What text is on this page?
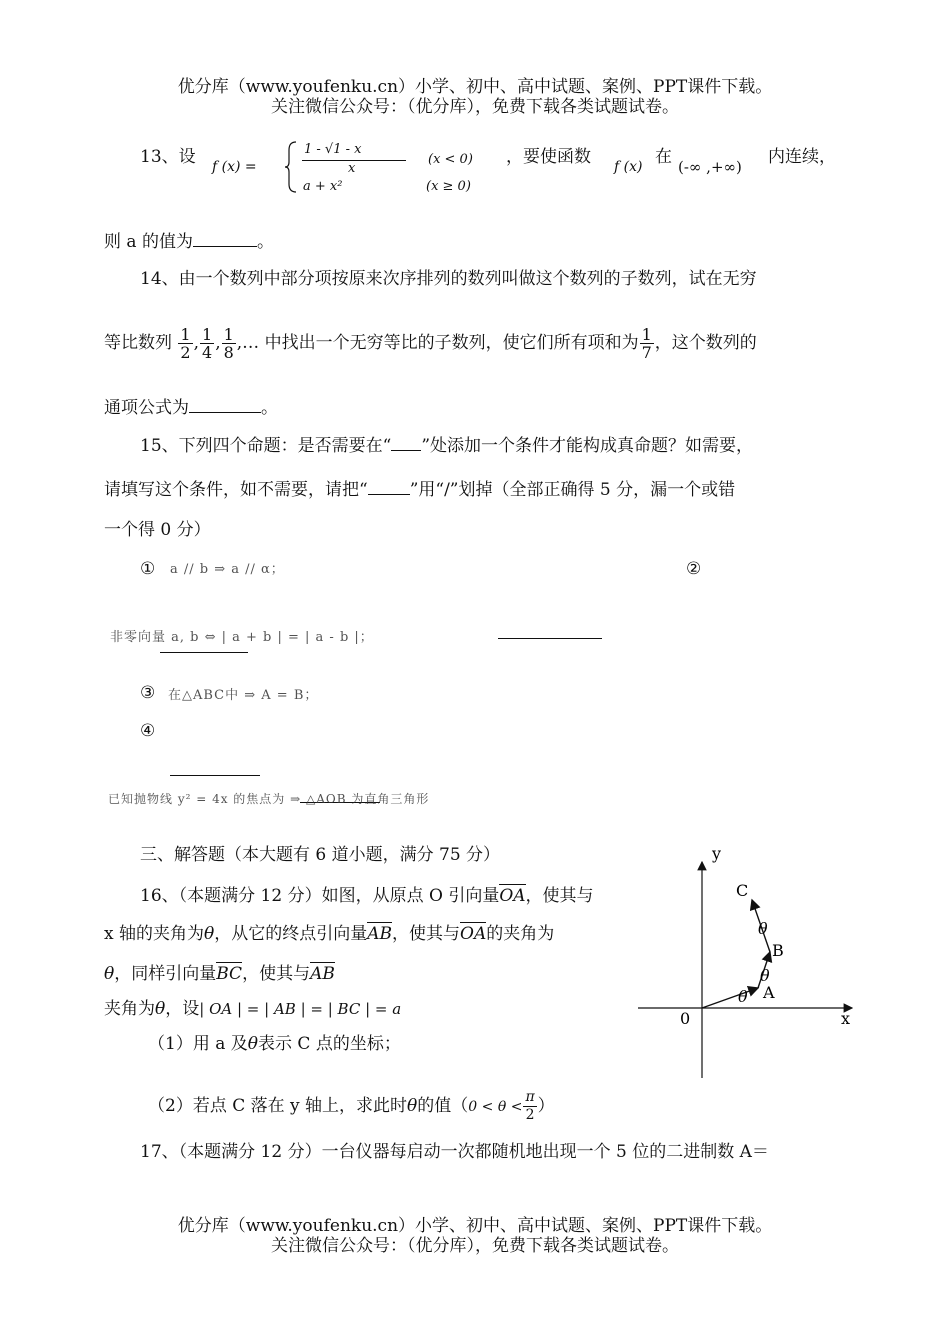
优分库（www.youfenku.cn）小学、初中、高中试题、案例、PPT课件下载。
关注微信公众号：（优分库），免费下载各类试题试卷。
13、设 f (x) =
1 - √1 - x
x
(x < 0)
a + x²	(x ≥ 0)
，要使函数 f (x) 在 (-∞ ,+∞) 内连续，
则 a 的值为	。
14、由一个数列中部分项按原来次序排列的数列叫做这个数列的子数列，试在无穷
等比数列 $\frac{1}{2}$ , $\frac{1}{4}$ , $\frac{1}{8}$ ,… 中找出一个无穷等比的子数列，使它们所有项和为 $\frac{1}{7}$ ，这个数列的
通项公式为	。
15、下列四个命题：是否需要在“ ”处添加一个条件才能构成真命题？如需要，
请填写这个条件，如不需要，请把“ ”用“/”划掉（全部正确得 5 分，漏一个或错
一个得 0 分）
① a // b ⇒ a // α；	②
非零向量 a, b ⇔ | a + b | = | a - b |；
③ 在△ABC中 ⇒ A = B；
④
已知抛物线 y² = 4x 的焦点为 ⇒ △AOB 为直角三角形
三、解答题（本大题有 6 道小题，满分 75 分）
16、（本题满分 12 分）如图，从原点 O 引向量OA，使其与
x 轴的夹角为θ，从它的终点引向量AB，使其与OA的夹角为
θ，同样引向量BC，使其与AB
夹角为θ，设| OA | = | AB | = | BC | = a
（1）用 a 及θ表示 C 点的坐标；
（2）若点 C 落在 y 轴上，求此时θ的值（$0 < \theta < \frac{\pi}{2}$ ）
y
x
0
A
B
C
θ
θ
θ
17、（本题满分 12 分）一台仪器每启动一次都随机地出现一个 5 位的二进制数 A＝
优分库（www.youfenku.cn）小学、初中、高中试题、案例、PPT课件下载。
关注微信公众号：（优分库），免费下载各类试题试卷。
